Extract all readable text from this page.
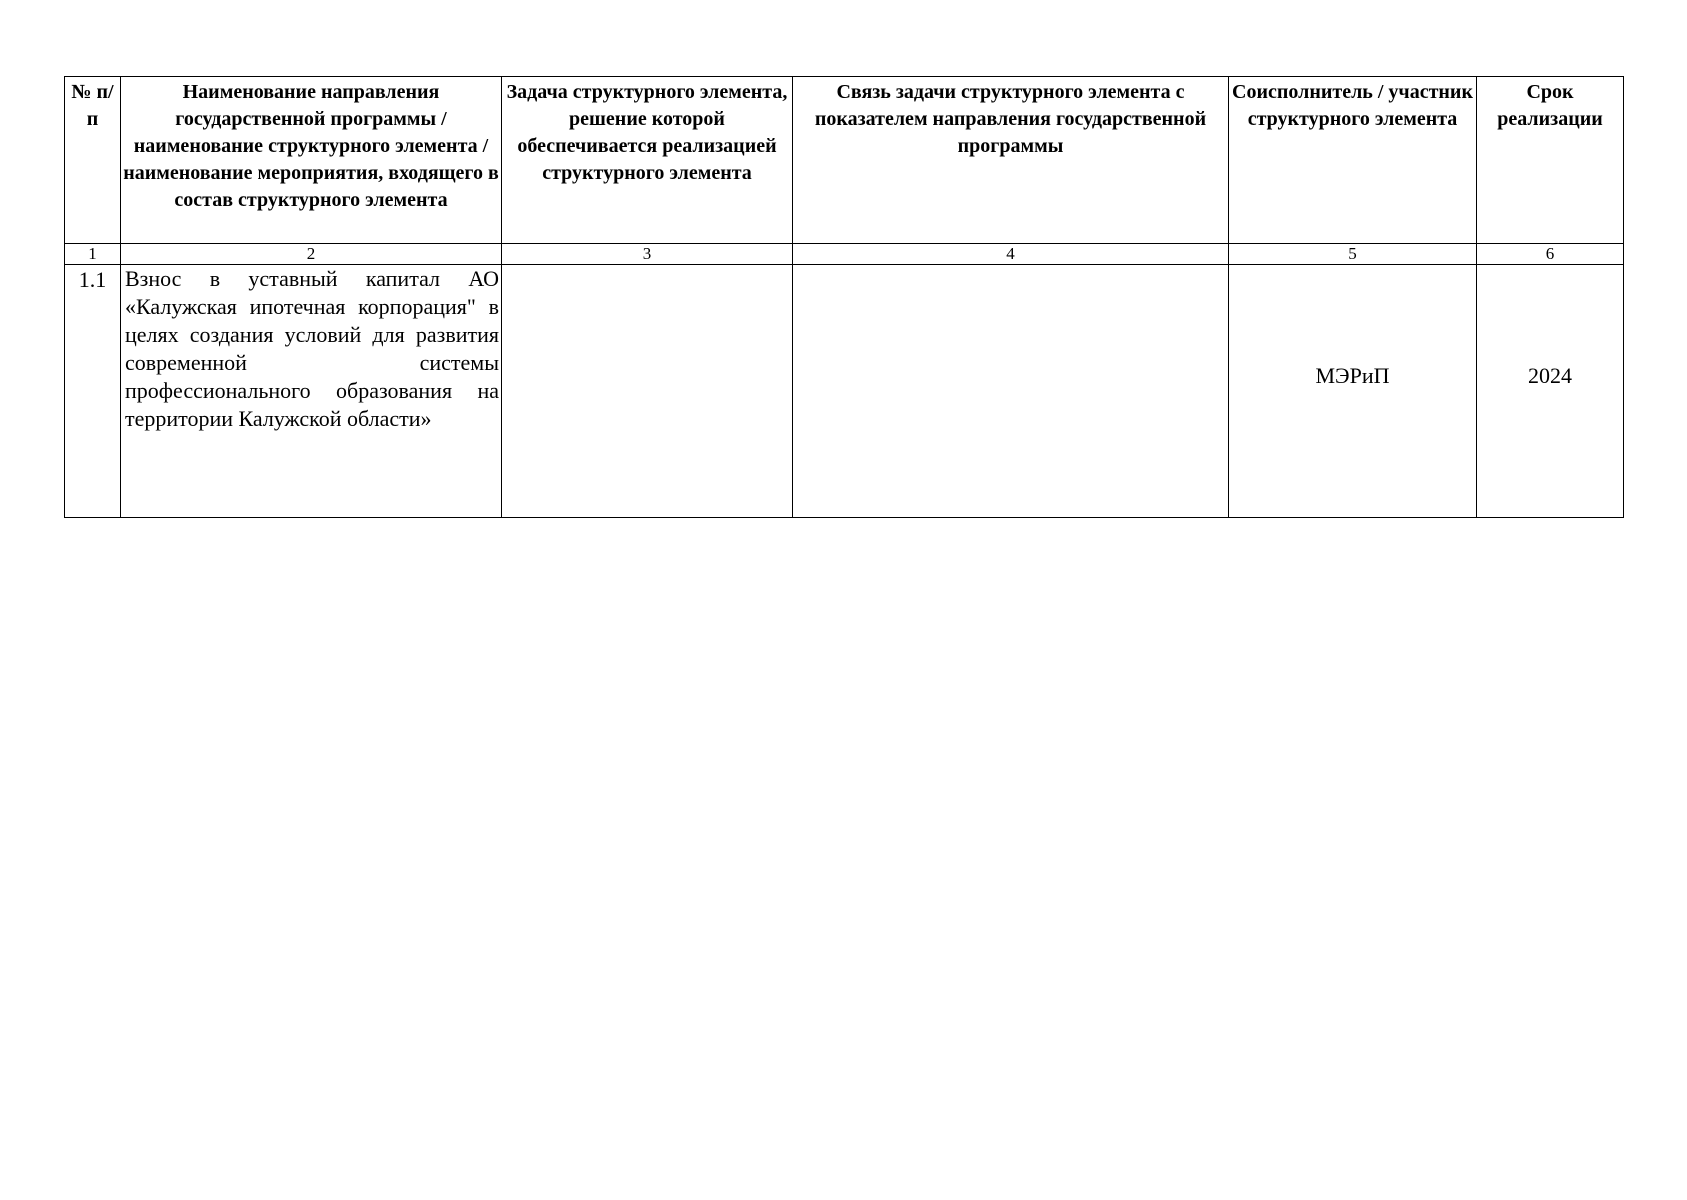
№ п/п	Наименование направления государственной программы / наименование структурного элемента / наименование мероприятия, входящего в состав структурного элемента	Задача структурного элемента, решение которой обеспечивается реализацией структурного элемента	Связь задачи структурного элемента с показателем направления государственной программы	Соисполнитель / участник структурного элемента	Срок реализации
1	2	3	4	5	6
1.1	Взнос в уставный капитал АО «Калужская ипотечная корпорация" в целях создания условий для развития современной системы профессионального образования на территории Калужской области»			МЭРиП	2024
